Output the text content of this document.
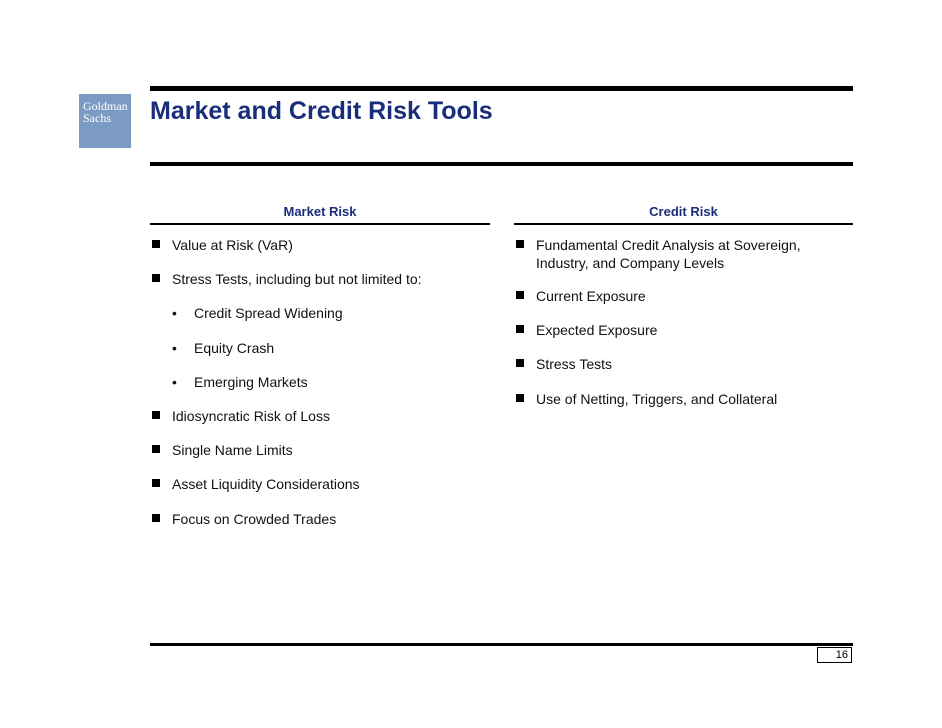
Goldman
Sachs	Market and Credit Risk Tools
Market Risk
Value at Risk (VaR)
Stress Tests, including but not limited to:
Credit Spread Widening
Equity Crash
Emerging Markets
Idiosyncratic Risk of Loss
Single Name Limits
Asset Liquidity Considerations
Focus on Crowded Trades
Credit Risk
Fundamental Credit Analysis at Sovereign,
Industry, and Company Levels
Current Exposure
Expected Exposure
Stress Tests
Use of Netting, Triggers, and Collateral
16
